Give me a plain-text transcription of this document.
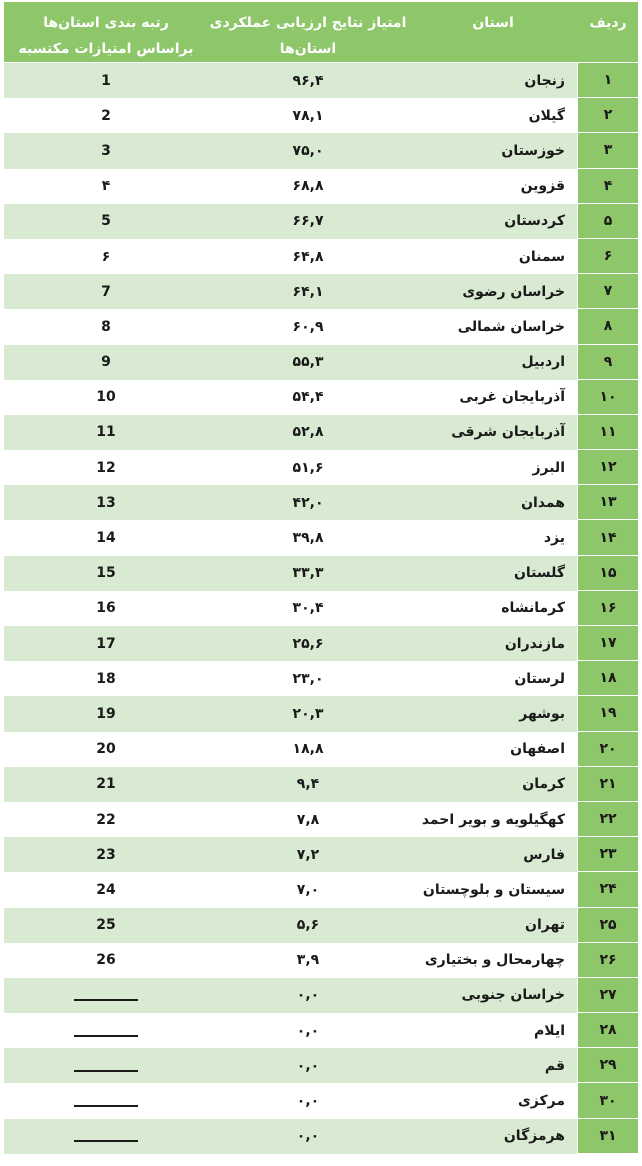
ردیف
استان
امتیاز نتایج ارزیابی عملکردی
استان‌ها
رتبه بندی استان‌ها
براساس امتیازات مکتسبه
۱
زنجان
۹۶,۴
1
۲
گیلان
۷۸,۱
2
۳
خوزستان
۷۵,۰
3
۴
قزوین
۶۸,۸
۴
۵
کردستان
۶۶,۷
5
۶
سمنان
۶۴,۸
۶
۷
خراسان رضوی
۶۴,۱
7
۸
خراسان شمالی
۶۰,۹
8
۹
اردبیل
۵۵,۳
9
۱۰
آذربایجان غربی
۵۴,۴
10
۱۱
آذربایجان شرقی
۵۲,۸
11
۱۲
البرز
۵۱,۶
12
۱۳
همدان
۴۲,۰
13
۱۴
یزد
۳۹,۸
14
۱۵
گلستان
۳۳,۳
15
۱۶
کرمانشاه
۳۰,۴
16
۱۷
مازندران
۲۵,۶
17
۱۸
لرستان
۲۳,۰
18
۱۹
بوشهر
۲۰,۳
19
۲۰
اصفهان
۱۸,۸
20
۲۱
کرمان
۹,۴
21
۲۲
کهگیلویه و بویر احمد
۷,۸
22
۲۳
فارس
۷,۲
23
۲۴
سیستان و بلوچستان
۷,۰
24
۲۵
تهران
۵,۶
25
۲۶
چهارمحال و بختیاری
۳,۹
26
۲۷
خراسان جنوبی
۰,۰
۲۸
ایلام
۰,۰
۲۹
قم
۰,۰
۳۰
مرکزی
۰,۰
۳۱
هرمزگان
۰,۰
